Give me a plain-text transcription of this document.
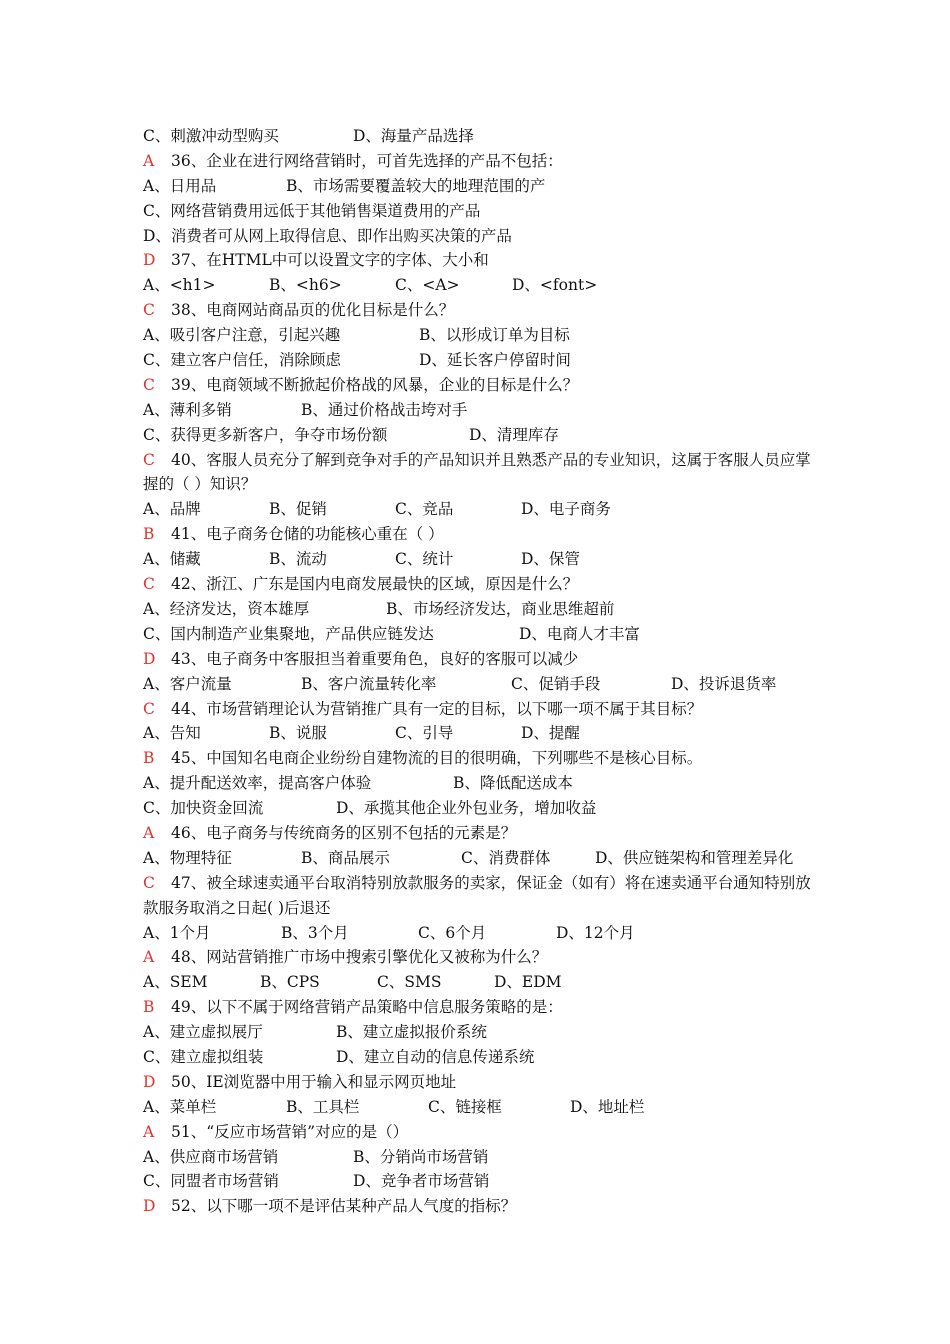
C、刺激冲动型购买	D、海量产品选择
A 36、企业在进行网络营销时，可首先选择的产品不包括：
A、日用品	B、市场需要覆盖较大的地理范围的产
C、网络营销费用远低于其他销售渠道费用的产品
D、消费者可从网上取得信息、即作出购买决策的产品
D 37、在HTML中可以设置文字的字体、大小和
A、<h1>	B、<h6>	C、<A>	D、<font>
C 38、电商网站商品页的优化目标是什么？
A、吸引客户注意，引起兴趣	B、以形成订单为目标
C、建立客户信任，消除顾虑	D、延长客户停留时间
C 39、电商领域不断掀起价格战的风暴，企业的目标是什么？
A、薄利多销	B、通过价格战击垮对手
C、获得更多新客户，争夺市场份额	D、清理库存
C 40、客服人员充分了解到竞争对手的产品知识并且熟悉产品的专业知识，这属于客服人员应掌握的（ ）知识？
A、品牌	B、促销	C、竞品	D、电子商务
B 41、电子商务仓储的功能核心重在（ ）
A、储藏	B、流动	C、统计	D、保管
C 42、浙江、广东是国内电商发展最快的区域，原因是什么？
A、经济发达，资本雄厚	B、市场经济发达，商业思维超前
C、国内制造产业集聚地，产品供应链发达	D、电商人才丰富
D 43、电子商务中客服担当着重要角色，良好的客服可以减少
A、客户流量	B、客户流量转化率	C、促销手段	D、投诉退货率
C 44、市场营销理论认为营销推广具有一定的目标，以下哪一项不属于其目标？
A、告知	B、说服	C、引导	D、提醒
B 45、中国知名电商企业纷纷自建物流的目的很明确，下列哪些不是核心目标。
A、提升配送效率，提高客户体验	B、降低配送成本
C、加快资金回流	D、承揽其他企业外包业务，增加收益
A 46、电子商务与传统商务的区别不包括的元素是？
A、物理特征	B、商品展示	C、消费群体	D、供应链架构和管理差异化
C 47、被全球速卖通平台取消特别放款服务的卖家，保证金（如有）将在速卖通平台通知特别放款服务取消之日起( )后退还
A、1个月	B、3个月	C、6个月	D、12个月
A 48、网站营销推广市场中搜索引擎优化又被称为什么？
A、SEM	B、CPS	C、SMS	D、EDM
B 49、以下不属于网络营销产品策略中信息服务策略的是：
A、建立虚拟展厅	B、建立虚拟报价系统
C、建立虚拟组装	D、建立自动的信息传递系统
D 50、IE浏览器中用于输入和显示网页地址
A、菜单栏	B、工具栏	C、链接框	D、地址栏
A 51、“反应市场营销”对应的是（）
A、供应商市场营销	B、分销尚市场营销
C、同盟者市场营销	D、竞争者市场营销
D 52、以下哪一项不是评估某种产品人气度的指标？
